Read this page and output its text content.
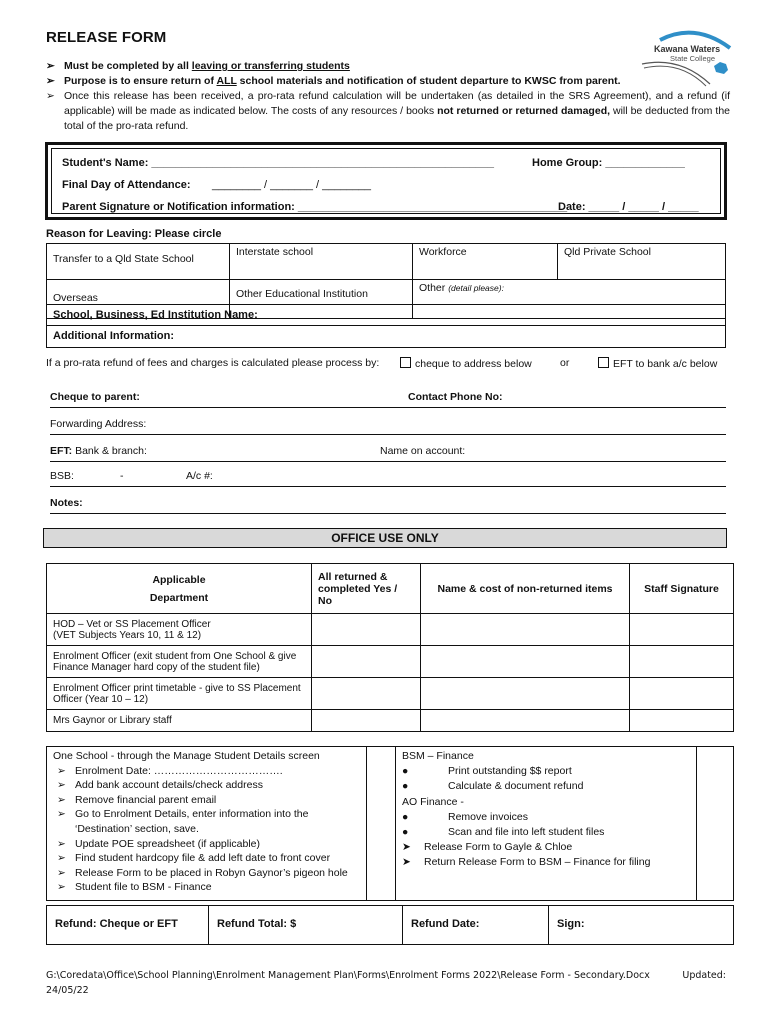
RELEASE FORM
Kawana Waters
State College
➢ Must be completed by all leaving or transferring students
➢ Purpose is to ensure return of ALL school materials and notification of student departure to KWSC from parent.
➢ Once this release has been received, a pro-rata refund calculation will be undertaken (as detailed in the SRS Agreement), and a refund (if applicable) will be made as indicated below. The costs of any resources / books not returned or returned damaged, will be deducted from the total of the pro-rata refund.
Student's Name: ________________________________________________________	Home Group: _____________
Final Day of Attendance: ________ / _______ / ________
Parent Signature or Notification information: ____________________________________________
Date: _____ / _____ / _____
Reason for Leaving: Please circle
Transfer to a Qld State School	Interstate school	Workforce	Qld Private School
Overseas	Other Educational Institution	Other (detail please):	
School, Business, Ed Institution Name:
Additional Information:
If a pro-rata refund of fees and charges is calculated please process by:	cheque to address below	or	EFT to bank a/c below
Cheque to parent:	Contact Phone No:
Forwarding Address:
EFT: Bank & branch:	Name on account:
BSB:	-	A/c #:
Notes:
OFFICE USE ONLY
Applicable
Department	All returned & completed Yes / No	Name & cost of non-returned items	Staff Signature

HOD – Vet or SS Placement Officer
(VET Subjects Years 10, 11 & 12)			

Enrolment Officer (exit student from One School & give Finance Manager hard copy of the student file)			
Enrolment Officer print timetable - give to SS Placement Officer (Year 10 – 12)			
Mrs Gaynor or Library staff			
One School - through the Manage Student Details screen
➢ Enrolment Date: ……………………………….
➢ Add bank account details/check address
➢ Remove financial parent email
➢ Go to Enrolment Details, enter information into the ‘Destination’ section, save.
➢ Update POE spreadsheet (if applicable)
➢ Find student hardcopy file & add left date to front cover
➢ Release Form to be placed in Robyn Gaynor’s pigeon hole
➢ Student file to BSM - Finance
BSM – Finance
●	Print outstanding $$ report
●	Calculate & document refund
AO Finance -
●	Remove invoices
●	Scan and file into left student files
➤ Release Form to Gayle & Chloe
➤ Return Release Form to BSM – Finance for filing
Refund: Cheque or EFT	Refund Total: $	Refund Date:	Sign:
G:\Coredata\Office\School Planning\Enrolment Management Plan\Forms\Enrolment Forms 2022\Release Form - Secondary.Docx	Updated:
24/05/22
